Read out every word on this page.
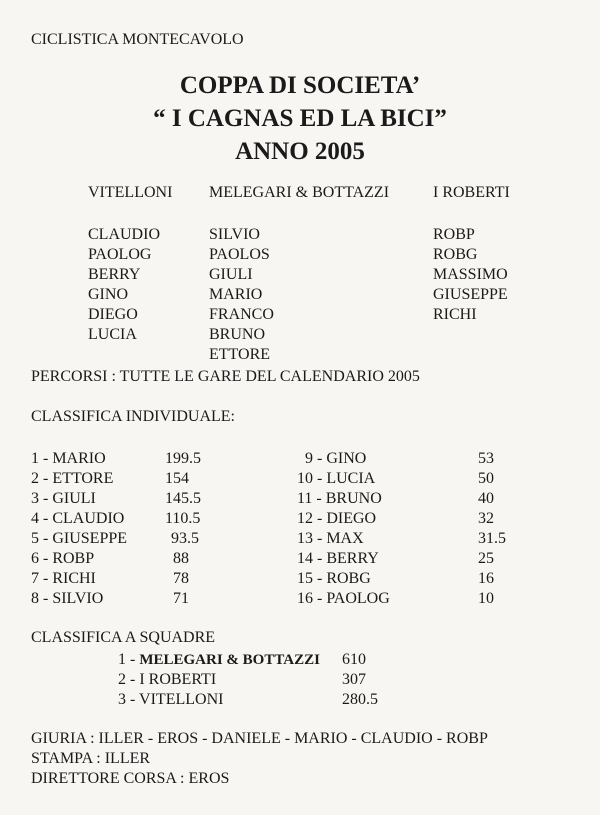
CICLISTICA MONTECAVOLO
COPPA DI SOCIETA’
“ I CAGNAS ED LA BICI”
ANNO 2005
VITELLONI MELEGARI & BOTTAZZI	I ROBERTI
CLAUDIO
PAOLOG
BERRY
GINO
DIEGO
LUCIA
SILVIO
PAOLOS
GIULI
MARIO
FRANCO
BRUNO
ETTORE
ROBP
ROBG
MASSIMO
GIUSEPPE
RICHI
PERCORSI : TUTTE LE GARE DEL CALENDARIO 2005
CLASSIFICA INDIVIDUALE:
1 - MARIO
2 - ETTORE
3 - GIULI
4 - CLAUDIO
5 - GIUSEPPE
6 - ROBP
7 - RICHI
8 - SILVIO
199.5
154
145.5
110.5
93.5
88
78
71
9 - GINO
10 - LUCIA
11 - BRUNO
12 - DIEGO
13 - MAX
14 - BERRY
15 - ROBG
16 - PAOLOG
53
50
40
32
31.5
25
16
10
CLASSIFICA A SQUADRE
1 - MELEGARI & BOTTAZZI
2 - I ROBERTI
3 - VITELLONI
610
307
280.5
GIURIA : ILLER - EROS - DANIELE - MARIO - CLAUDIO - ROBP
STAMPA : ILLER
DIRETTORE CORSA : EROS
